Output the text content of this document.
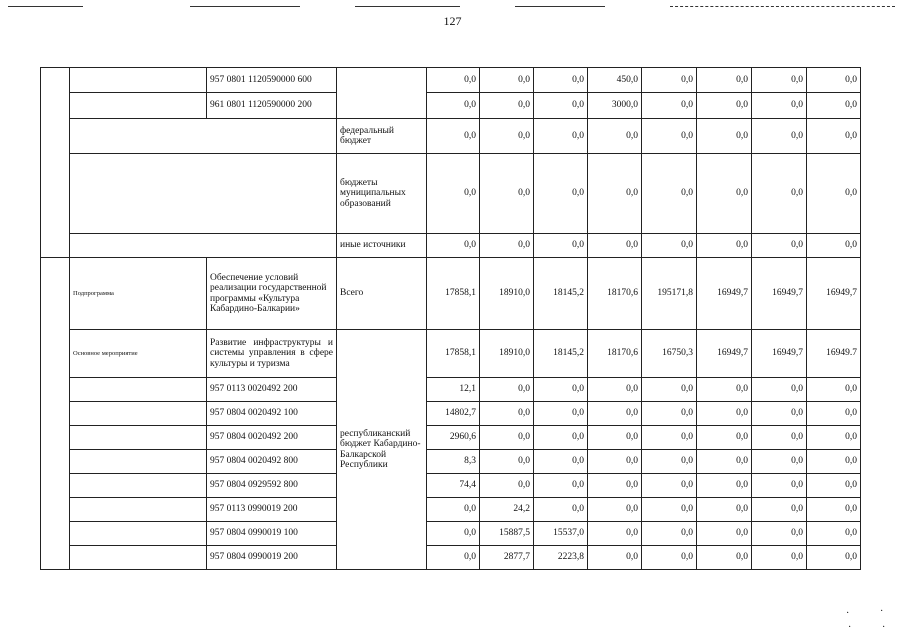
127
		957 0801 1120590000 600		0,0	0,0	0,0	450,0	0,0	0,0	0,0	0,0
		961 0801 1120590000 200		0,0	0,0	0,0	3000,0	0,0	0,0	0,0	0,0
			федеральный бюджет	0,0	0,0	0,0	0,0	0,0	0,0	0,0	0,0
			бюджеты муниципальных образований	0,0	0,0	0,0	0,0	0,0	0,0	0,0	0,0
			иные источники	0,0	0,0	0,0	0,0	0,0	0,0	0,0	0,0
	Подпрограмма	Обеспечение условий реализации государственной программы «Культура Кабардино-Балкарии»	Всего	17858,1	18910,0	18145,2	18170,6	195171,8	16949,7	16949,7	16949,7
	Основное мероприятие	Развитие инфраструктуры и системы управления в сфере культуры и туризма	республиканский бюджет Кабардино-Балкарской Республики	17858,1	18910,0	18145,2	18170,6	16750,3	16949,7	16949,7	16949.7
		957 0113 0020492 200		12,1	0,0	0,0	0,0	0,0	0,0	0,0	0,0
		957 0804 0020492 100		14802,7	0,0	0,0	0,0	0,0	0,0	0,0	0,0
		957 0804 0020492 200		2960,6	0,0	0,0	0,0	0,0	0,0	0,0	0,0
		957 0804 0020492 800		8,3	0,0	0,0	0,0	0,0	0,0	0,0	0,0
		957 0804 0929592 800		74,4	0,0	0,0	0,0	0,0	0,0	0,0	0,0
		957 0113 0990019 200		0,0	24,2	0,0	0,0	0,0	0,0	0,0	0,0
		957 0804 0990019 100		0,0	15887,5	15537,0	0,0	0,0	0,0	0,0	0,0
		957 0804 0990019 200		0,0	2877,7	2223,8	0,0	0,0	0,0	0,0	0,0
·	·
·	·
